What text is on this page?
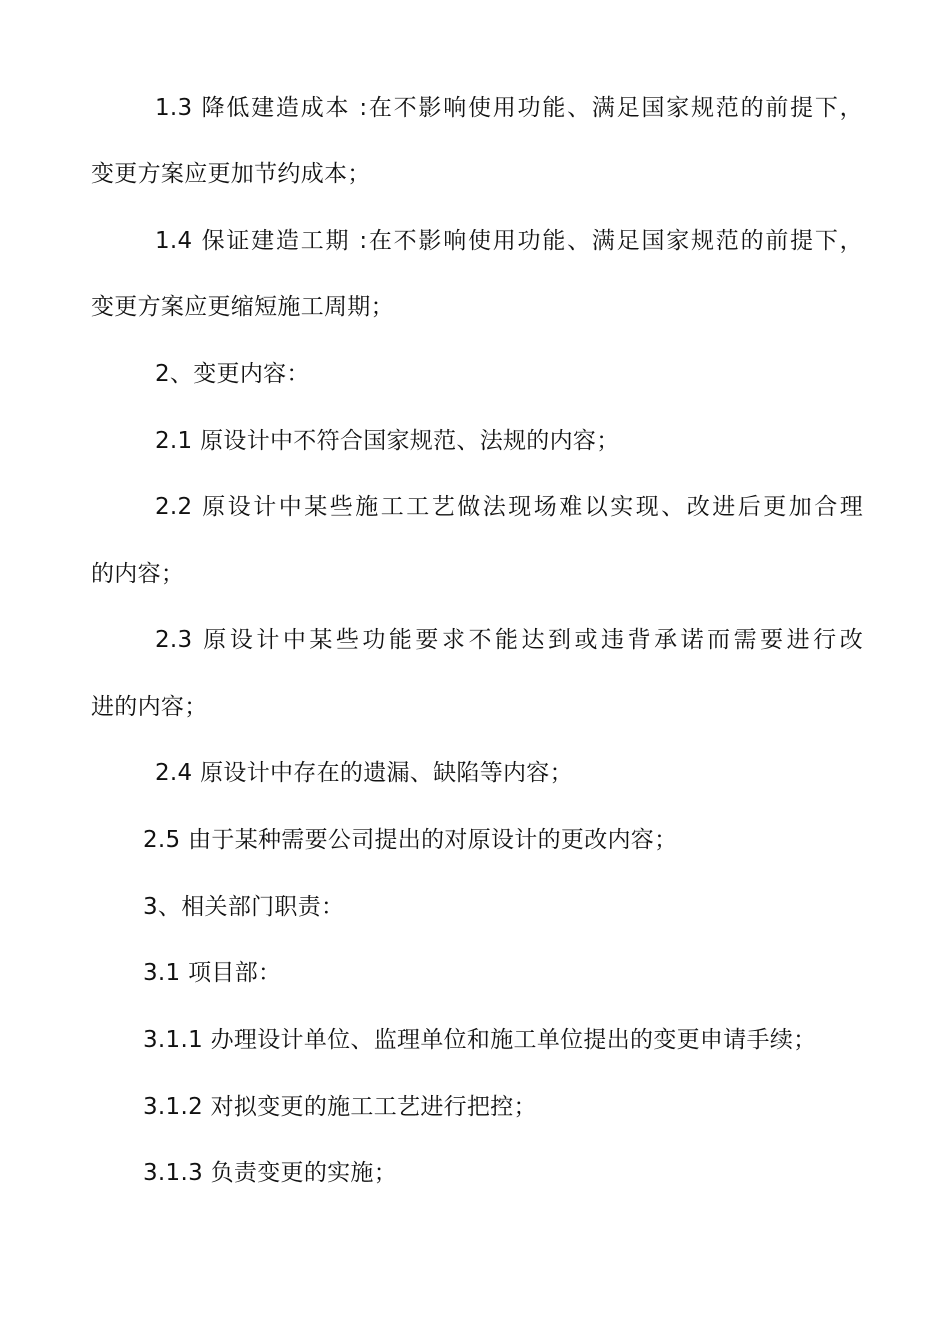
1.3 降低建造成本 :在不影响使用功能、满足国家规范的前提下，
变更方案应更加节约成本；
1.4 保证建造工期 :在不影响使用功能、满足国家规范的前提下，
变更方案应更缩短施工周期；
2、变更内容：
2.1 原设计中不符合国家规范、法规的内容；
2.2 原设计中某些施工工艺做法现场难以实现、改进后更加合理
的内容；
2.3 原设计中某些功能要求不能达到或违背承诺而需要进行改
进的内容；
2.4 原设计中存在的遗漏、缺陷等内容；
2.5 由于某种需要公司提出的对原设计的更改内容；
3、相关部门职责：
3.1 项目部：
3.1.1 办理设计单位、监理单位和施工单位提出的变更申请手续；
3.1.2 对拟变更的施工工艺进行把控；
3.1.3 负责变更的实施；
